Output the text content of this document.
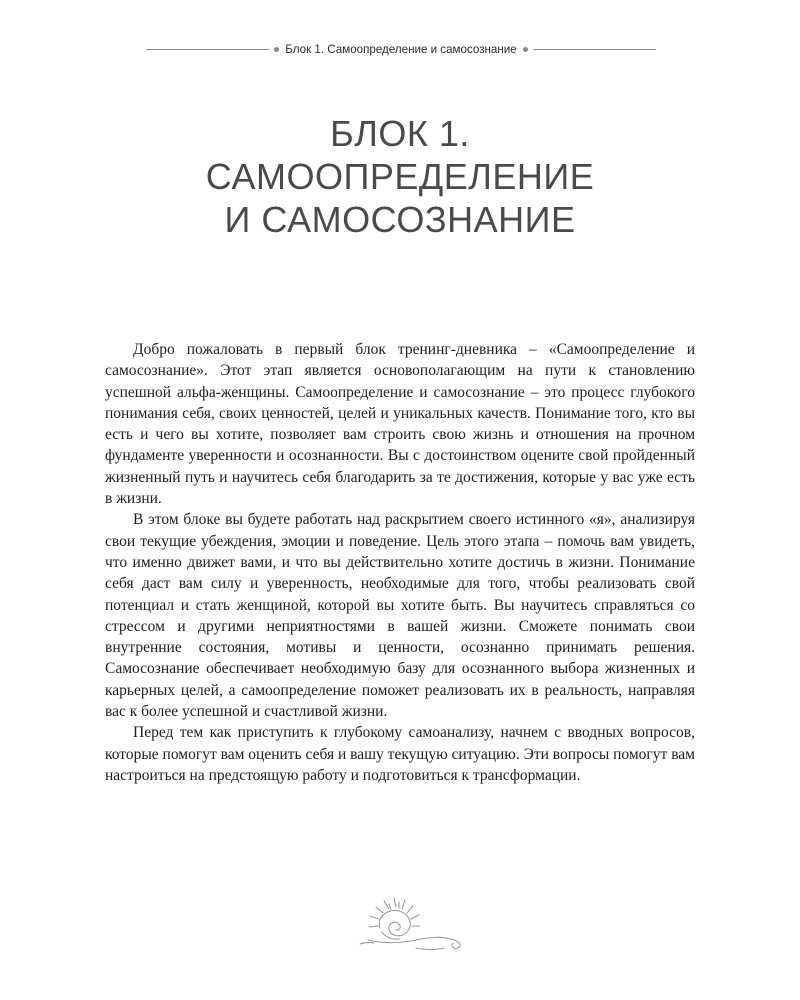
Блок 1. Самоопределение и самосознание
БЛОК 1.
САМООПРЕДЕЛЕНИЕ
И САМОСОЗНАНИЕ

Добро пожаловать в первый блок тренинг-дневника – «Самоопределение и самосознание». Этот этап является основополагающим на пути к становлению успешной альфа-женщины. Самоопределение и самосознание – это процесс глубокого понимания себя, своих ценностей, целей и уникальных качеств. Понимание того, кто вы есть и чего вы хотите, позволяет вам строить свою жизнь и отношения на прочном фундаменте уверенности и осознанности. Вы с достоинством оцените свой пройденный жизненный путь и научитесь себя благодарить за те достижения, которые у вас уже есть в жизни.

В этом блоке вы будете работать над раскрытием своего истинного «я», анализируя свои текущие убеждения, эмоции и поведение. Цель этого этапа – помочь вам увидеть, что именно движет вами, и что вы действительно хотите достичь в жизни. Понимание себя даст вам силу и уверенность, необходимые для того, чтобы реализовать свой потенциал и стать женщиной, которой вы хотите быть. Вы научитесь справляться со стрессом и другими неприятностями в вашей жизни. Сможете понимать свои внутренние состояния, мотивы и ценности, осознанно принимать решения. Самосознание обеспечивает необходимую базу для осознанного выбора жизненных и карьерных целей, а самоопределение поможет реализовать их в реальность, направляя вас к более успешной и счастливой жизни.

Перед тем как приступить к глубокому самоанализу, начнем с вводных вопросов, которые помогут вам оценить себя и вашу текущую ситуацию. Эти вопросы помогут вам настроиться на предстоящую работу и подготовиться к трансформации.
